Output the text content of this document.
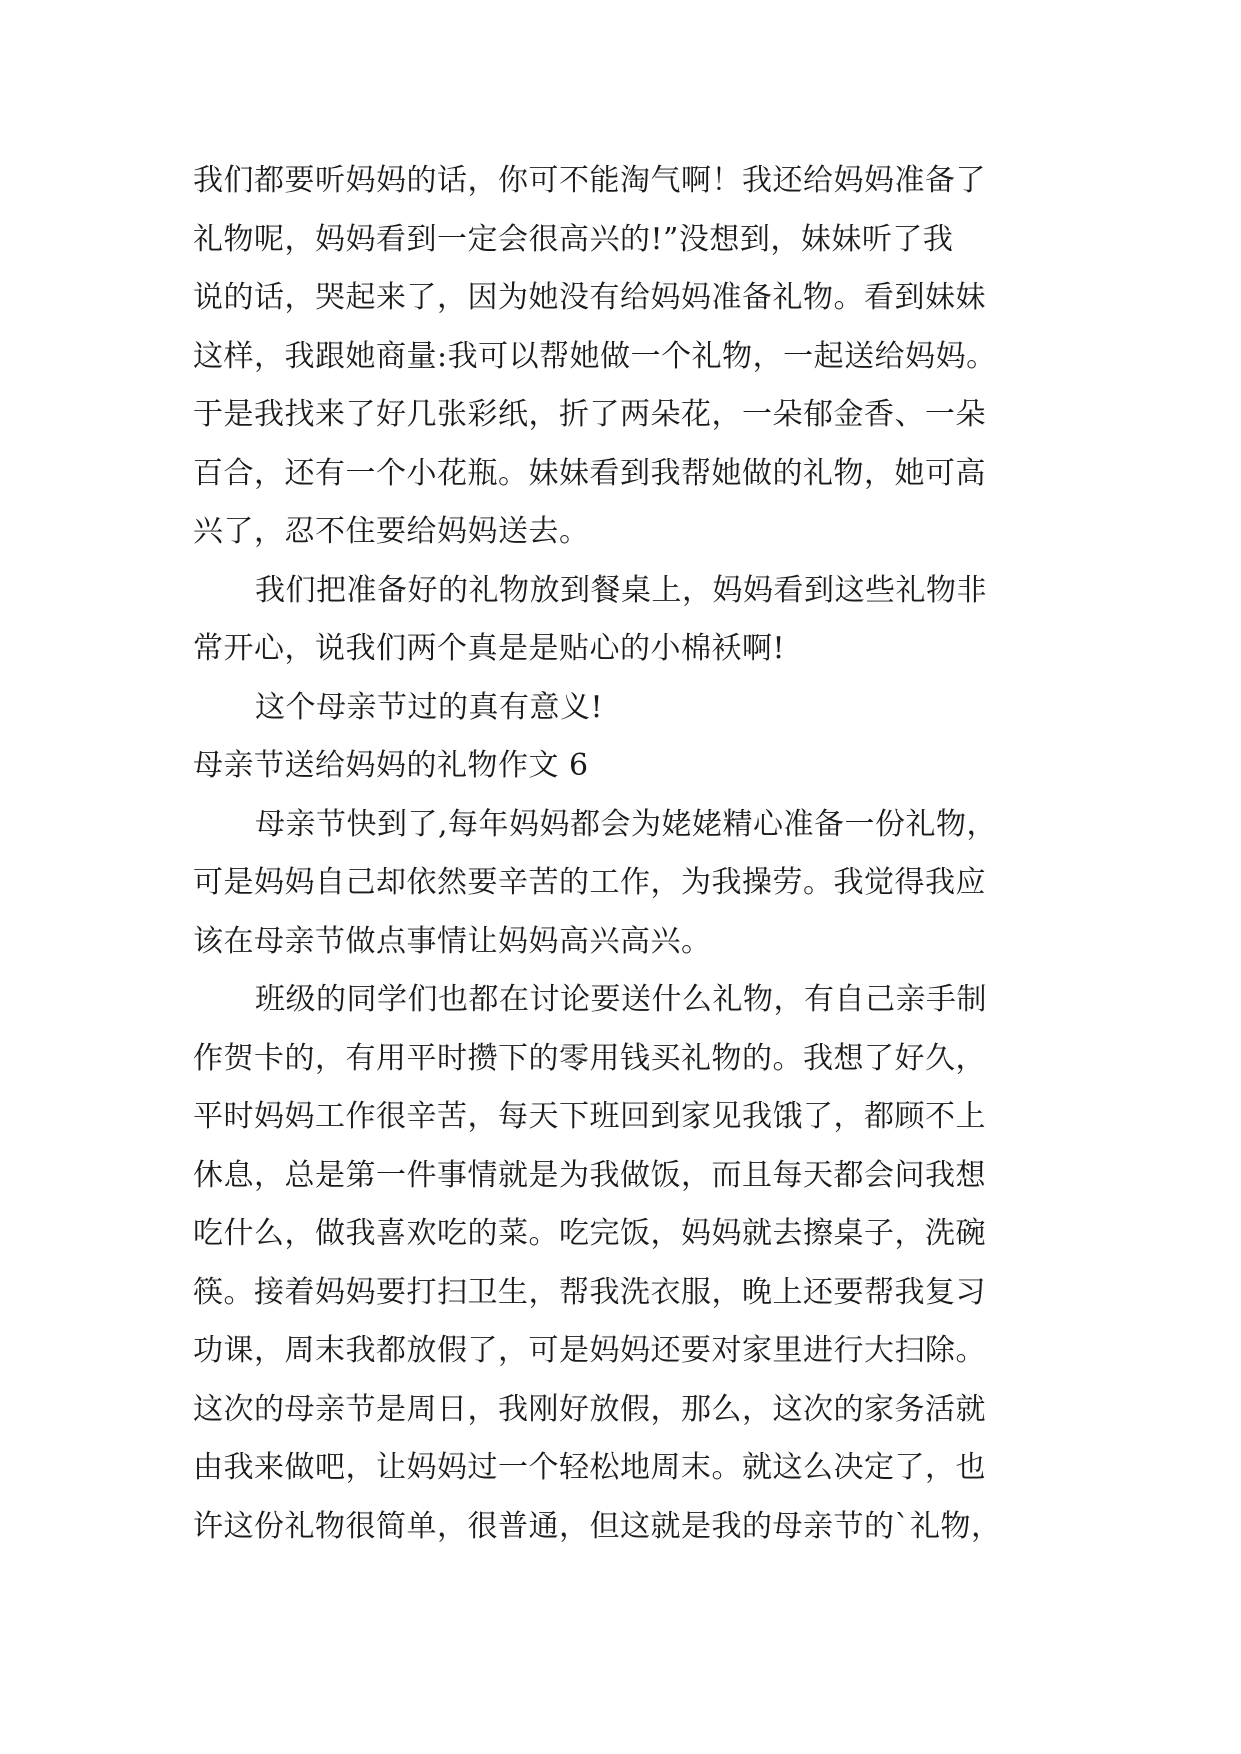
我们都要听妈妈的话，你可不能淘气啊！我还给妈妈准备了
礼物呢，妈妈看到一定会很高兴的!”没想到，妹妹听了我
说的话，哭起来了，因为她没有给妈妈准备礼物。看到妹妹
这样，我跟她商量:我可以帮她做一个礼物，一起送给妈妈。
于是我找来了好几张彩纸，折了两朵花，一朵郁金香、一朵
百合，还有一个小花瓶。妹妹看到我帮她做的礼物，她可高
兴了，忍不住要给妈妈送去。
我们把准备好的礼物放到餐桌上，妈妈看到这些礼物非
常开心，说我们两个真是是贴心的小棉袄啊!
这个母亲节过的真有意义!
母亲节送给妈妈的礼物作文 6
母亲节快到了,每年妈妈都会为姥姥精心准备一份礼物，
可是妈妈自己却依然要辛苦的工作，为我操劳。我觉得我应
该在母亲节做点事情让妈妈高兴高兴。
班级的同学们也都在讨论要送什么礼物，有自己亲手制
作贺卡的，有用平时攒下的零用钱买礼物的。我想了好久，
平时妈妈工作很辛苦，每天下班回到家见我饿了，都顾不上
休息，总是第一件事情就是为我做饭，而且每天都会问我想
吃什么，做我喜欢吃的菜。吃完饭，妈妈就去擦桌子，洗碗
筷。接着妈妈要打扫卫生，帮我洗衣服，晚上还要帮我复习
功课，周末我都放假了，可是妈妈还要对家里进行大扫除。
这次的母亲节是周日，我刚好放假，那么，这次的家务活就
由我来做吧，让妈妈过一个轻松地周末。就这么决定了，也
许这份礼物很简单，很普通，但这就是我的母亲节的`礼物，
